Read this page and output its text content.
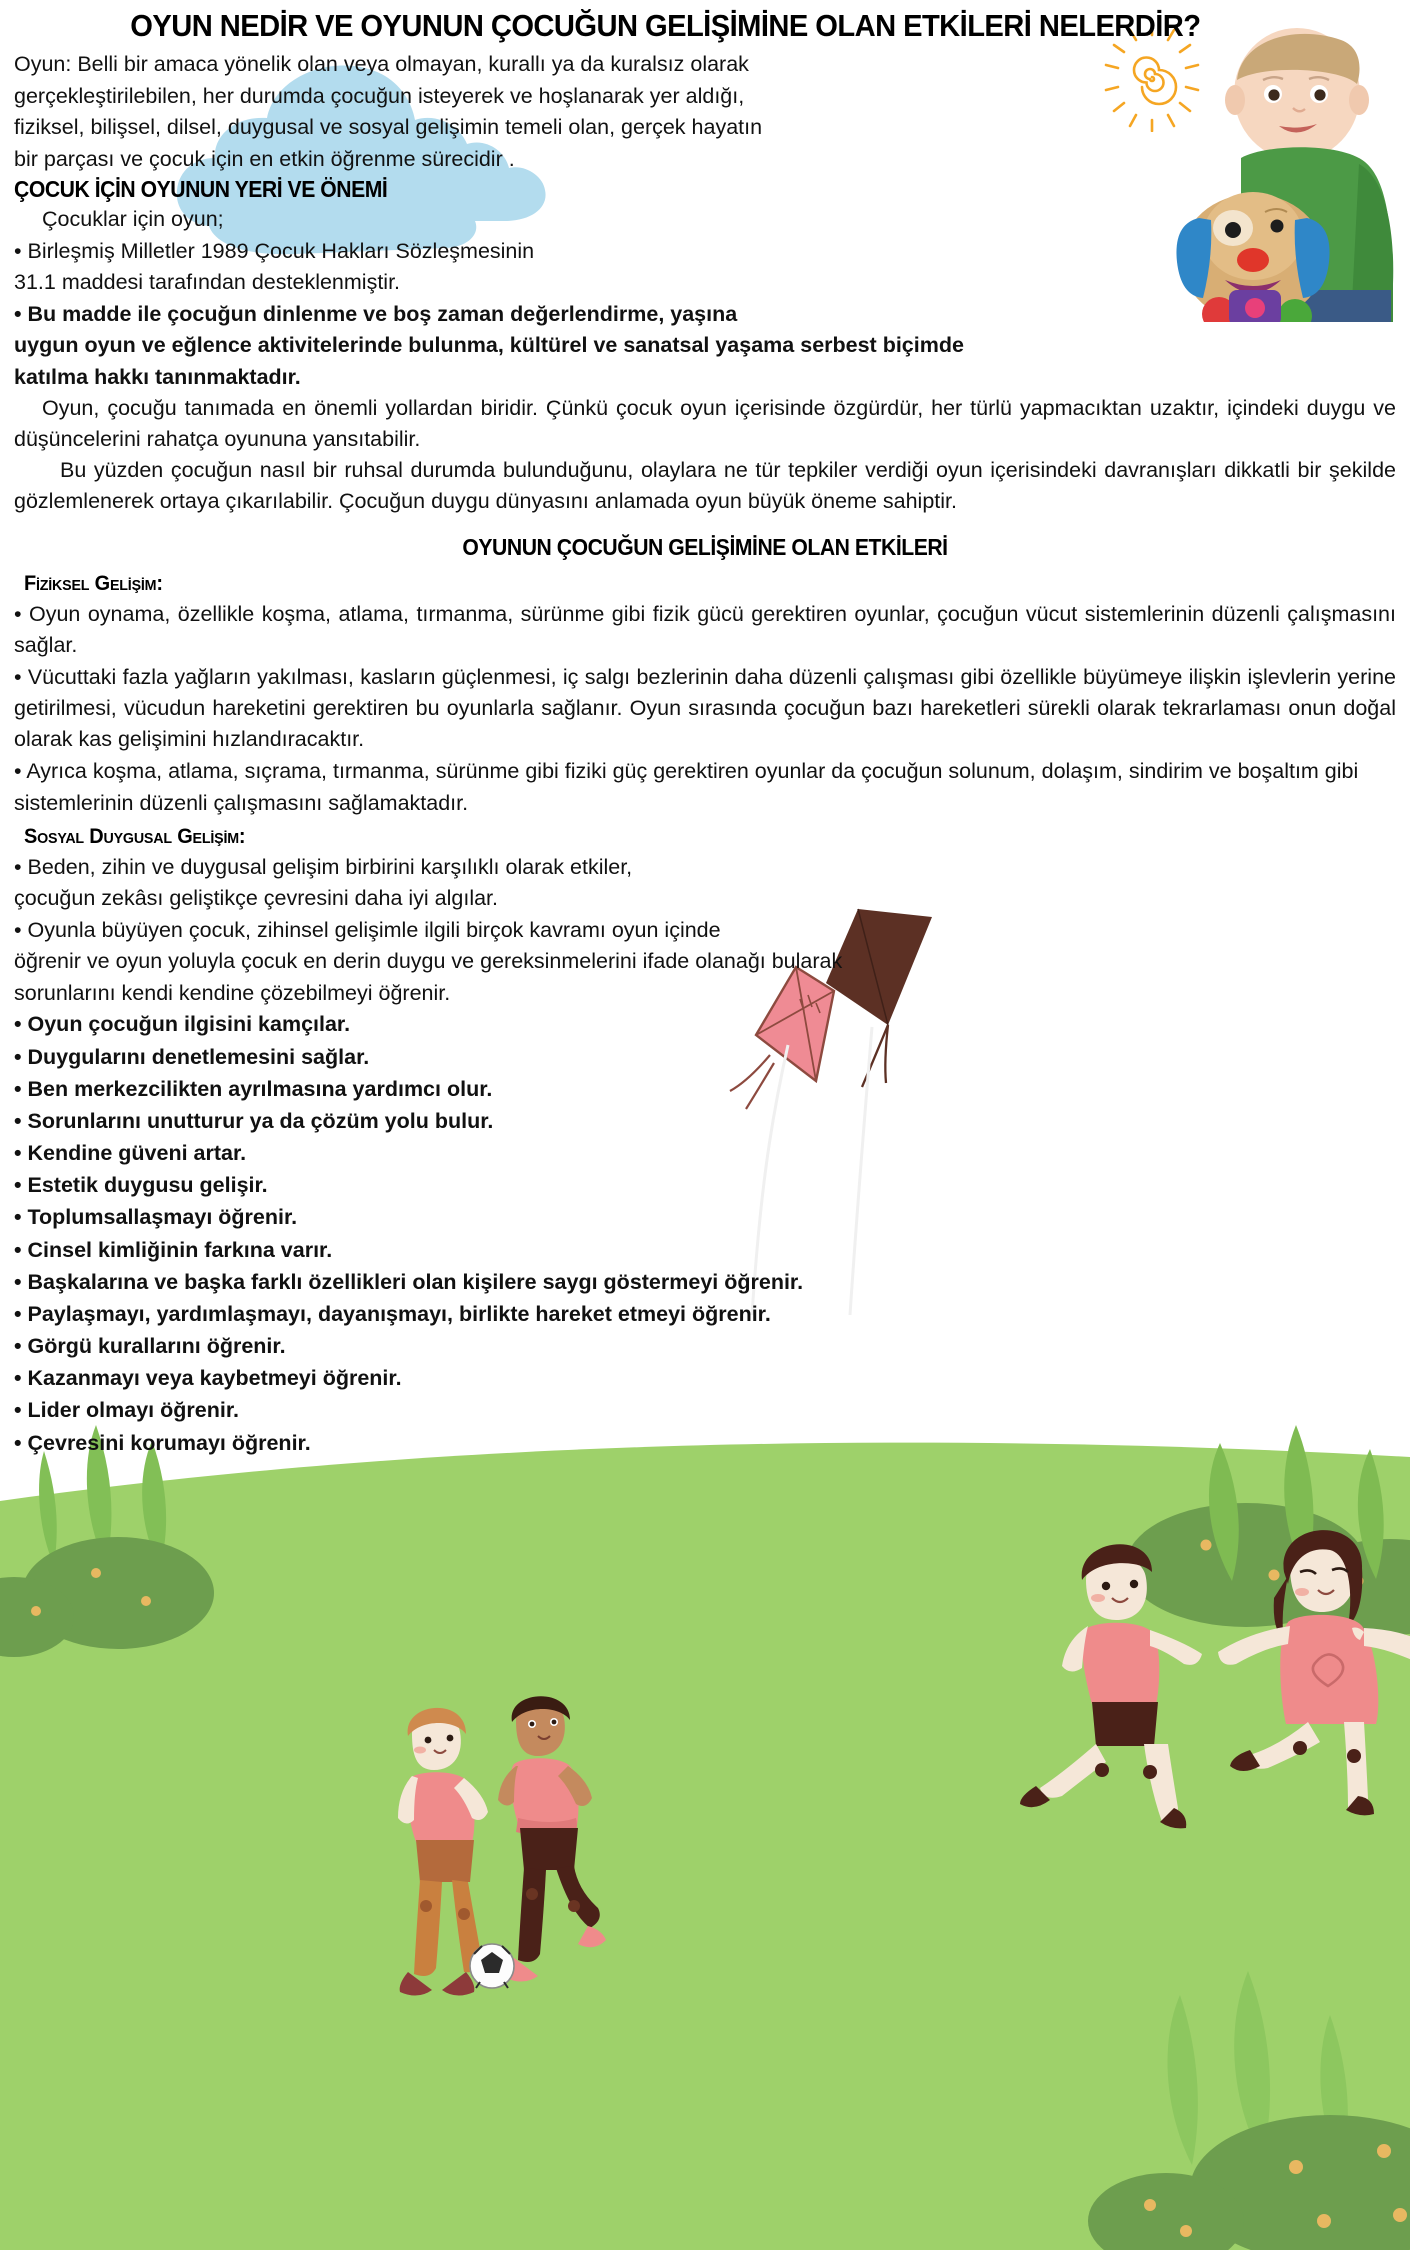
OYUN NEDİR VE OYUNUN ÇOCUĞUN GELİŞİMİNE OLAN ETKİLERİ NELERDİR?

Oyun: Belli bir amaca yönelik olan veya olmayan, kurallı ya da kuralsız olarak

gerçekleştirilebilen, her durumda çocuğun isteyerek ve hoşlanarak yer aldığı,

fiziksel, bilişsel, dilsel, duygusal ve sosyal gelişimin temeli olan, gerçek hayatın

bir parçası ve çocuk için en etkin öğrenme sürecidir .

ÇOCUK İÇİN OYUNUN YERİ VE ÖNEMİ

Çocuklar için oyun;

• Birleşmiş Milletler 1989 Çocuk Hakları Sözleşmesinin

31.1 maddesi tarafından desteklenmiştir.

• Bu madde ile çocuğun dinlenme ve boş zaman değerlendirme, yaşına

uygun oyun ve eğlence aktivitelerinde bulunma, kültürel ve sanatsal yaşama serbest biçimde

katılma hakkı tanınmaktadır.

Oyun, çocuğu tanımada en önemli yollardan biridir. Çünkü çocuk oyun içerisinde özgürdür, her türlü yapmacıktan uzaktır, içindeki duygu ve düşüncelerini rahatça oyununa yansıtabilir.

Bu yüzden çocuğun nasıl bir ruhsal durumda bulunduğunu, olaylara ne tür tepkiler verdiği oyun içerisindeki davranışları dikkatli bir şekilde gözlemlenerek ortaya çıkarılabilir. Çocuğun duygu dünyasını anlamada oyun büyük öneme sahiptir.

OYUNUN ÇOCUĞUN GELİŞİMİNE OLAN ETKİLERİ
Fiziksel Gelişim:
• Oyun oynama, özellikle koşma, atlama, tırmanma, sürünme gibi fizik gücü gerektiren oyunlar, çocuğun vücut sistemlerinin düzenli çalışmasını sağlar.
• Vücuttaki fazla yağların yakılması, kasların güçlenmesi, iç salgı bezlerinin daha düzenli çalışması gibi özellikle büyümeye ilişkin işlevlerin yerine getirilmesi, vücudun hareketini gerektiren bu oyunlarla sağlanır. Oyun sırasında çocuğun bazı hareketleri sürekli olarak tekrarlaması onun doğal olarak kas gelişimini hızlandıracaktır.
• Ayrıca koşma, atlama, sıçrama, tırmanma, sürünme gibi fiziki güç gerektiren oyunlar da çocuğun solunum, dolaşım, sindirim ve boşaltım gibi sistemlerinin düzenli çalışmasını sağlamaktadır.
Sosyal Duygusal Gelişim:

• Beden, zihin ve duygusal gelişim birbirini karşılıklı olarak etkiler,

çocuğun zekâsı geliştikçe çevresini daha iyi algılar.

• Oyunla büyüyen çocuk, zihinsel gelişimle ilgili birçok kavramı oyun içinde

öğrenir ve oyun yoluyla çocuk en derin duygu ve gereksinmelerini ifade olanağı bularak

sorunlarını kendi kendine çözebilmeyi öğrenir.

• Oyun çocuğun ilgisini kamçılar.
• Duygularını denetlemesini sağlar.
• Ben merkezcilikten ayrılmasına yardımcı olur.
• Sorunlarını unutturur ya da çözüm yolu bulur.
• Kendine güveni artar.
• Estetik duygusu gelişir.
• Toplumsallaşmayı öğrenir.
• Cinsel kimliğinin farkına varır.
• Başkalarına ve başka farklı özellikleri olan kişilere saygı göstermeyi öğrenir.
• Paylaşmayı, yardımlaşmayı, dayanışmayı, birlikte hareket etmeyi öğrenir.
• Görgü kurallarını öğrenir.
• Kazanmayı veya kaybetmeyi öğrenir.
• Lider olmayı öğrenir.
• Çevresini korumayı öğrenir.
